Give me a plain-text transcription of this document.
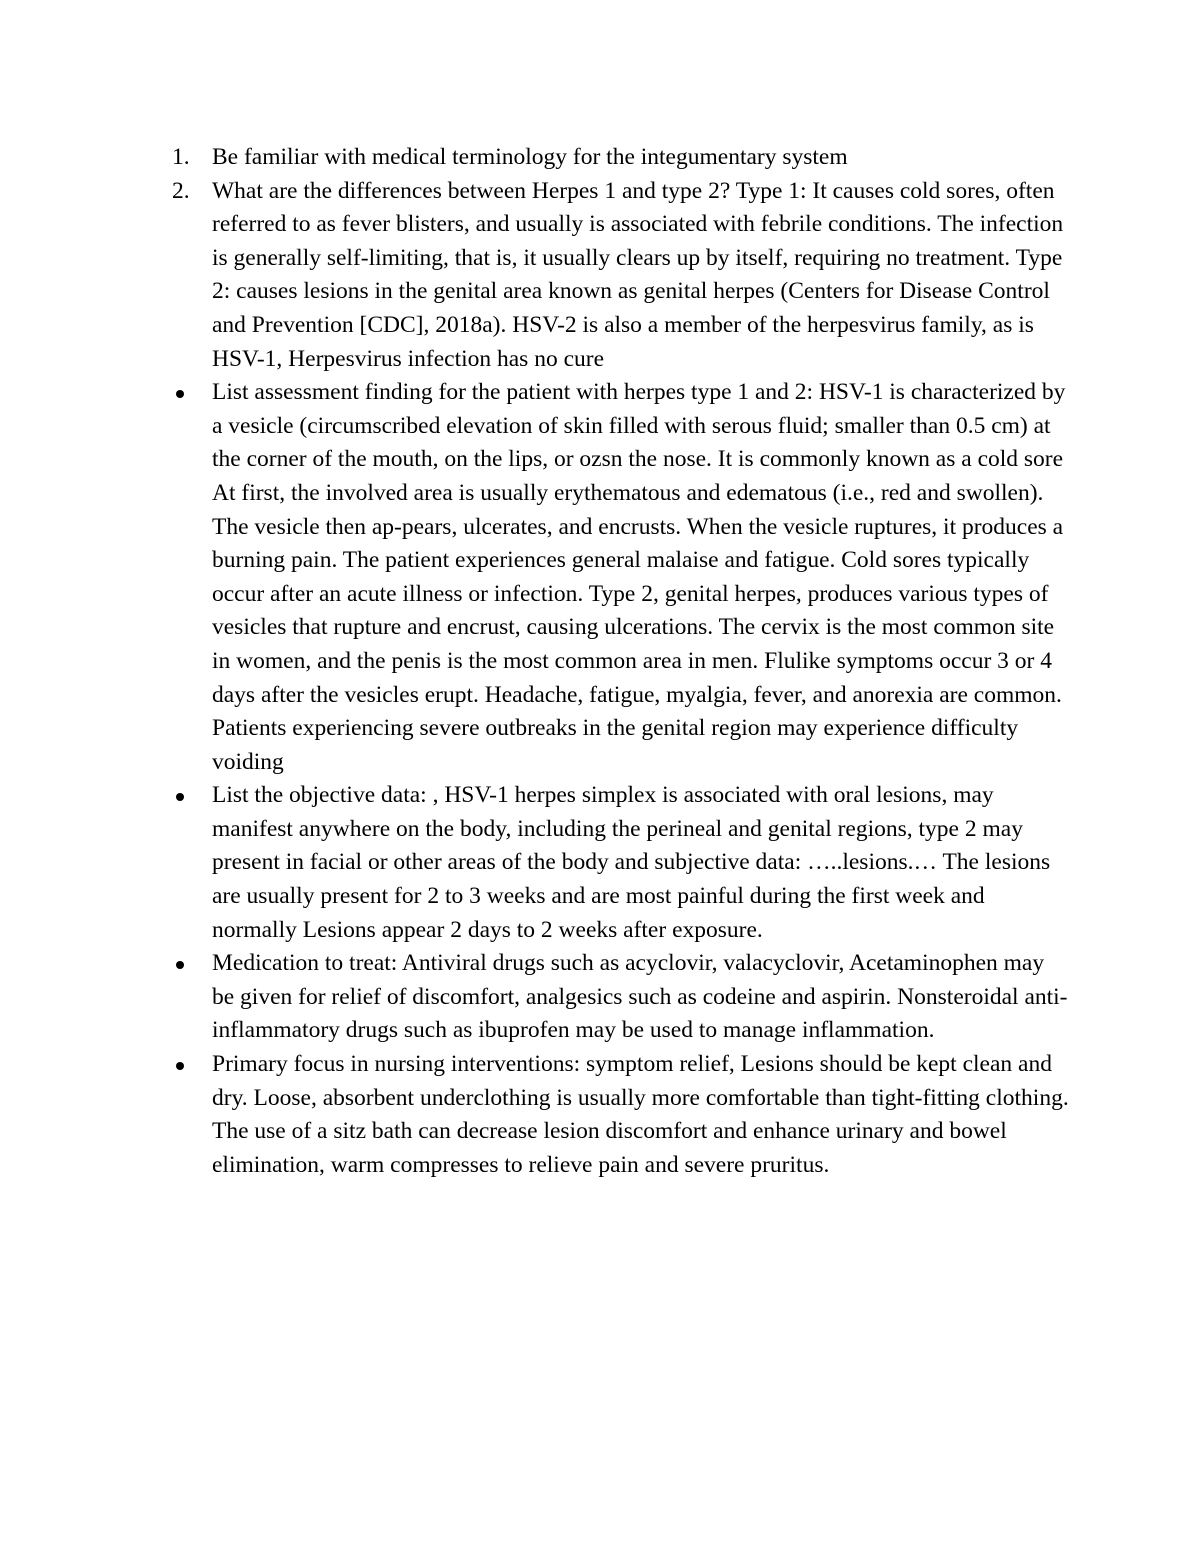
1. Be familiar with medical terminology for the integumentary system
2. What are the differences between Herpes 1 and type 2? Type 1: It causes cold sores, often referred to as fever blisters, and usually is associated with febrile conditions. The infection is generally self-limiting, that is, it usually clears up by itself, requiring no treatment. Type 2: causes lesions in the genital area known as genital herpes (Centers for Disease Control and Prevention [CDC], 2018a). HSV-2 is also a member of the herpesvirus family, as is HSV-1, Herpesvirus infection has no cure
List assessment finding for the patient with herpes type 1 and 2: HSV-1 is characterized by a vesicle (circumscribed elevation of skin filled with serous fluid; smaller than 0.5 cm) at the corner of the mouth, on the lips, or ozsn the nose. It is commonly known as a cold sore At first, the involved area is usually erythematous and edematous (i.e., red and swollen). The vesicle then ap-pears, ulcerates, and encrusts. When the vesicle ruptures, it produces a burning pain. The patient experiences general malaise and fatigue. Cold sores typically occur after an acute illness or infection. Type 2, genital herpes, produces various types of vesicles that rupture and encrust, causing ulcerations. The cervix is the most common site in women, and the penis is the most common area in men. Flulike symptoms occur 3 or 4 days after the vesicles erupt. Headache, fatigue, myalgia, fever, and anorexia are common. Patients experiencing severe outbreaks in the genital region may experience difficulty voiding
List the objective data: , HSV-1 herpes simplex is associated with oral lesions, may manifest anywhere on the body, including the perineal and genital regions, type 2 may present in facial or other areas of the body and subjective data: …..lesions.… The lesions are usually present for 2 to 3 weeks and are most painful during the first week and normally Lesions appear 2 days to 2 weeks after exposure.
Medication to treat: Antiviral drugs such as acyclovir, valacyclovir, Acetaminophen may be given for relief of discomfort, analgesics such as codeine and aspirin. Nonsteroidal anti-inflammatory drugs such as ibuprofen may be used to manage inflammation.
Primary focus in nursing interventions: symptom relief, Lesions should be kept clean and dry. Loose, absorbent underclothing is usually more comfortable than tight-fitting clothing. The use of a sitz bath can decrease lesion discomfort and enhance urinary and bowel elimination, warm compresses to relieve pain and severe pruritus.
